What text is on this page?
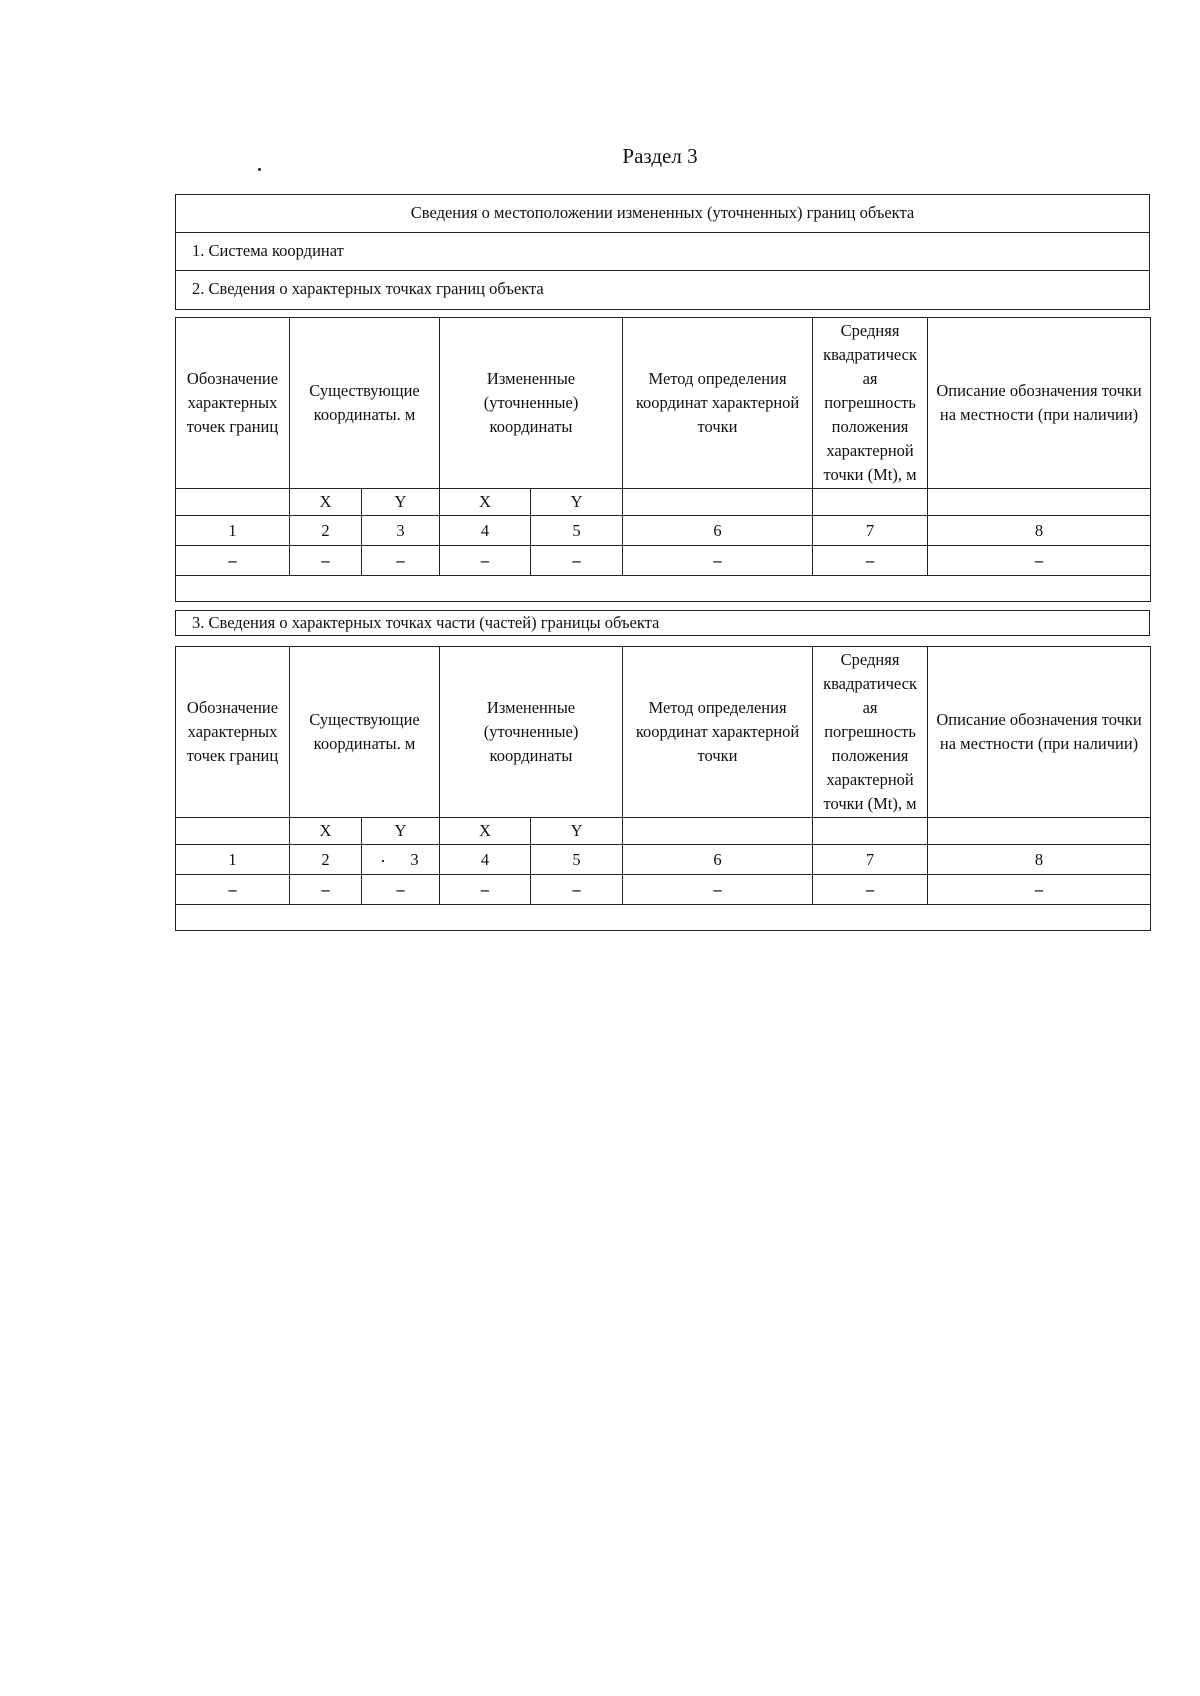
Раздел 3
Сведения о местоположении измененных (уточненных) границ объекта
1. Система координат
2. Сведения о характерных точках границ объекта
Обозначение характерных точек границ	Существующие координаты. м		Измененные (уточненные) координаты		Метод определения координат характерной точки	Средняя квадратическ ая погрешность положения характерной точки (Mt), м	Описание обозначения точки на местности (при наличии)
	X	Y	X	Y			
1	2	3	4	5	6	7	8
–	–	–	–	–	–	–	–

3. Сведения о характерных точках части (частей) границы объекта
Обозначение характерных точек границ	Существующие координаты. м		Измененные (уточненные) координаты		Метод определения координат характерной точки	Средняя квадратическ ая погрешность положения характерной точки (Mt), м	Описание обозначения точки на местности (при наличии)
	X	Y	X	Y			
1	2	3	4	5	6	7	8
–	–	–	–	–	–	–	–
